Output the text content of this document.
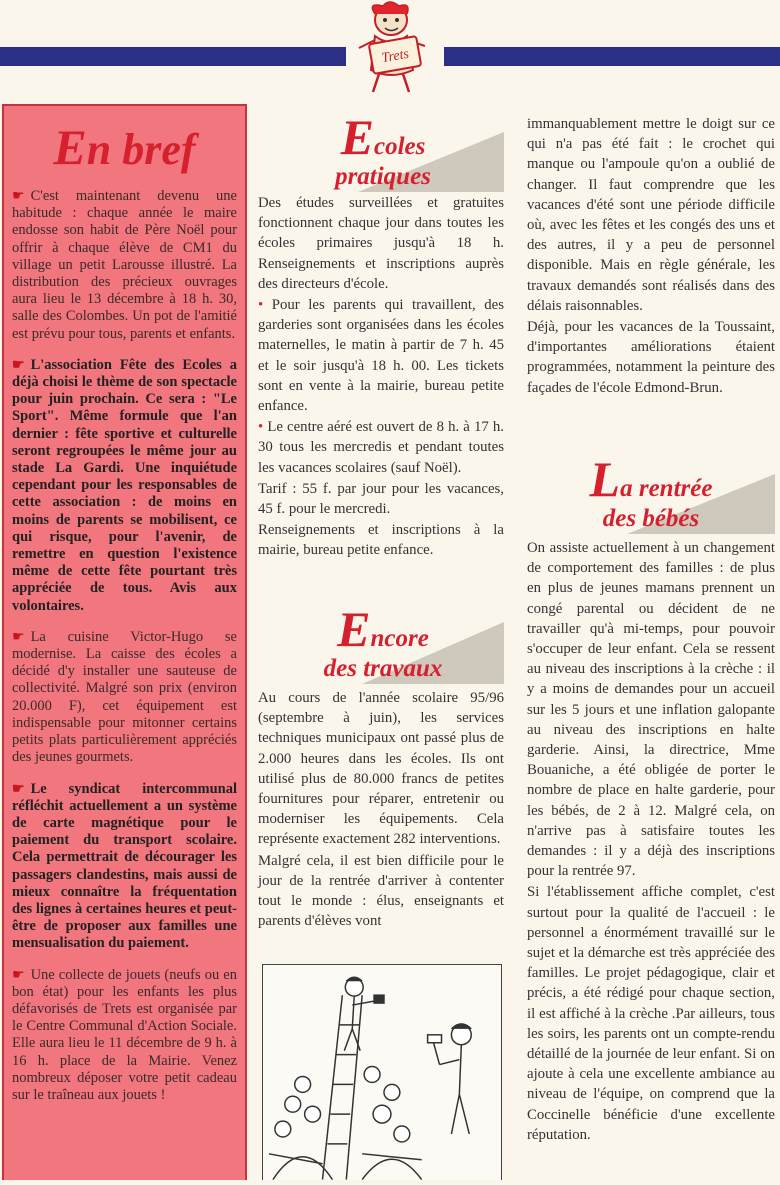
Trets
En bref

☛ C'est maintenant devenu une habitude : chaque année le maire endosse son habit de Père Noël pour offrir à chaque élève de CM1 du village un petit Larousse illustré. La distribution des précieux ouvrages aura lieu le 13 décembre à 18 h. 30, salle des Colombes. Un pot de l'amitié est prévu pour tous, parents et enfants.

☛ L'association Fête des Ecoles a déjà choisi le thème de son spectacle pour juin prochain. Ce sera : "Le Sport". Même formule que l'an dernier : fête sportive et culturelle seront regroupées le même jour au stade La Gardi. Une inquiétude cependant pour les responsables de cette association : de moins en moins de parents se mobilisent, ce qui risque, pour l'avenir, de remettre en question l'existence même de cette fête pourtant très appréciée de tous. Avis aux volontaires.

☛ La cuisine Victor-Hugo se modernise. La caisse des écoles a décidé d'y installer une sauteuse de collectivité. Malgré son prix (environ 20.000 F), cet équipement est indispensable pour mitonner certains petits plats particulièrement appréciés des jeunes gourmets.

☛ Le syndicat intercommunal réfléchit actuellement a un système de carte magnétique pour le paiement du transport scolaire. Cela permettrait de décourager les passagers clandestins, mais aussi de mieux connaître la fréquentation des lignes à certaines heures et peut-être de proposer aux familles une mensualisation du paiement.

☛ Une collecte de jouets (neufs ou en bon état) pour les enfants les plus défavorisés de Trets est organisée par le Centre Communal d'Action Sociale. Elle aura lieu le 11 décembre de 9 h. à 16 h. place de la Mairie. Venez nombreux déposer votre petit cadeau sur le traîneau aux jouets !

Ecoles
pratiques

Des études surveillées et gratuites fonctionnent chaque jour dans toutes les écoles primaires jusqu'à 18 h. Renseignements et inscriptions auprès des directeurs d'école.

• Pour les parents qui travaillent, des garderies sont organisées dans les écoles maternelles, le matin à partir de 7 h. 45 et le soir jusqu'à 18 h. 00. Les tickets sont en vente à la mairie, bureau petite enfance.

• Le centre aéré est ouvert de 8 h. à 17 h. 30 tous les mercredis et pendant toutes les vacances scolaires (sauf Noël).

Tarif : 55 f. par jour pour les vacances, 45 f. pour le mercredi.

Renseignements et inscriptions à la mairie, bureau petite enfance.

Encore
des travaux

Au cours de l'année scolaire 95/96 (septembre à juin), les services techniques municipaux ont passé plus de 2.000 heures dans les écoles. Ils ont utilisé plus de 80.000 francs de petites fournitures pour réparer, entretenir ou moderniser les équipements. Cela représente exactement 282 interventions.

Malgré cela, il est bien difficile pour le jour de la rentrée d'arriver à contenter tout le monde : élus, enseignants et parents d'élèves vont

immanquablement mettre le doigt sur ce qui n'a pas été fait : le crochet qui manque ou l'ampoule qu'on a oublié de changer. Il faut comprendre que les vacances d'été sont une période difficile où, avec les fêtes et les congés des uns et des autres, il y a peu de personnel disponible. Mais en règle générale, les travaux demandés sont réalisés dans des délais raisonnables.

Déjà, pour les vacances de la Toussaint, d'importantes améliorations étaient programmées, notamment la peinture des façades de l'école Edmond-Brun.

La rentrée
des bébés

On assiste actuellement à un changement de comportement des familles : de plus en plus de jeunes mamans prennent un congé parental ou décident de ne travailler qu'à mi-temps, pour pouvoir s'occuper de leur enfant. Cela se ressent au niveau des inscriptions à la crèche : il y a moins de demandes pour un accueil sur les 5 jours et une inflation galopante au niveau des inscriptions en halte garderie. Ainsi, la directrice, Mme Bouaniche, a été obligée de porter le nombre de place en halte garderie, pour les bébés, de 2 à 12. Malgré cela, on n'arrive pas à satisfaire toutes les demandes : il y a déjà des inscriptions pour la rentrée 97.

Si l'établissement affiche complet, c'est surtout pour la qualité de l'accueil : le personnel a énormément travaillé sur le sujet et la démarche est très appréciée des familles. Le projet pédagogique, clair et précis, a été rédigé pour chaque section, il est affiché à la crèche .Par ailleurs, tous les soirs, les parents ont un compte-rendu détaillé de la journée de leur enfant. Si on ajoute à cela une excellente ambiance au niveau de l'équipe, on comprend que la Coccinelle bénéficie d'une excellente réputation.
